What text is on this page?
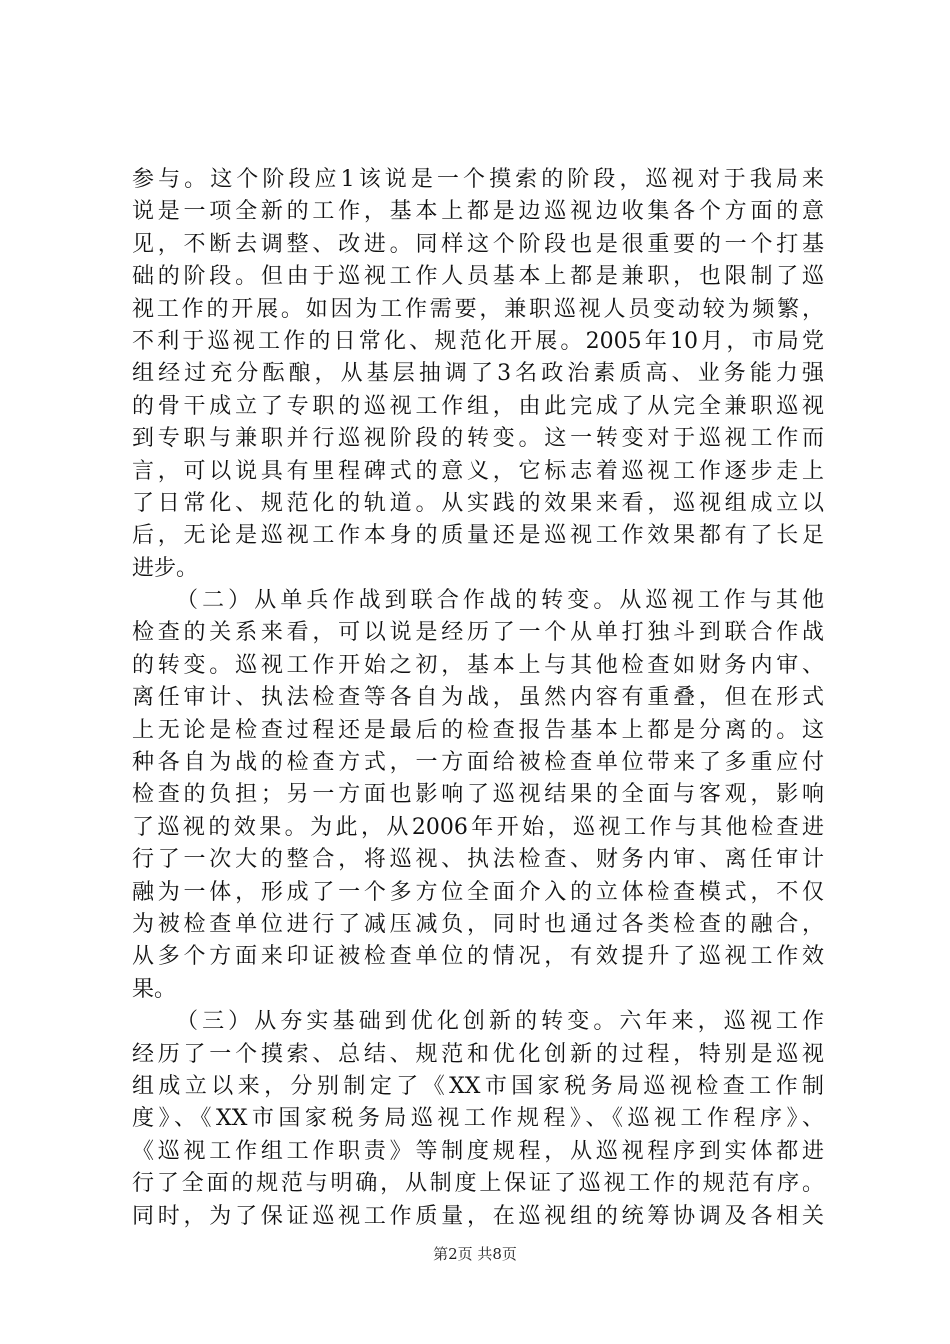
参与。这个阶段应1该说是一个摸索的阶段，巡视对于我局来
说是一项全新的工作，基本上都是边巡视边收集各个方面的意
见，不断去调整、改进。同样这个阶段也是很重要的一个打基
础的阶段。但由于巡视工作人员基本上都是兼职，也限制了巡
视工作的开展。如因为工作需要，兼职巡视人员变动较为频繁，
不利于巡视工作的日常化、规范化开展。2005年10月，市局党
组经过充分酝酿，从基层抽调了3名政治素质高、业务能力强
的骨干成立了专职的巡视工作组，由此完成了从完全兼职巡视
到专职与兼职并行巡视阶段的转变。这一转变对于巡视工作而
言，可以说具有里程碑式的意义，它标志着巡视工作逐步走上
了日常化、规范化的轨道。从实践的效果来看，巡视组成立以
后，无论是巡视工作本身的质量还是巡视工作效果都有了长足
进步。
（二）从单兵作战到联合作战的转变。从巡视工作与其他
检查的关系来看，可以说是经历了一个从单打独斗到联合作战
的转变。巡视工作开始之初，基本上与其他检查如财务内审、
离任审计、执法检查等各自为战，虽然内容有重叠，但在形式
上无论是检查过程还是最后的检查报告基本上都是分离的。这
种各自为战的检查方式，一方面给被检查单位带来了多重应付
检查的负担；另一方面也影响了巡视结果的全面与客观，影响
了巡视的效果。为此，从2006年开始，巡视工作与其他检查进
行了一次大的整合，将巡视、执法检查、财务内审、离任审计
融为一体，形成了一个多方位全面介入的立体检查模式，不仅
为被检查单位进行了减压减负，同时也通过各类检查的融合，
从多个方面来印证被检查单位的情况，有效提升了巡视工作效
果。
（三）从夯实基础到优化创新的转变。六年来，巡视工作
经历了一个摸索、总结、规范和优化创新的过程，特别是巡视
组成立以来，分别制定了《XX市国家税务局巡视检查工作制
度》、《XX市国家税务局巡视工作规程》、《巡视工作程序》、
《巡视工作组工作职责》等制度规程，从巡视程序到实体都进
行了全面的规范与明确，从制度上保证了巡视工作的规范有序。
同时，为了保证巡视工作质量，在巡视组的统筹协调及各相关
第2页 共8页
